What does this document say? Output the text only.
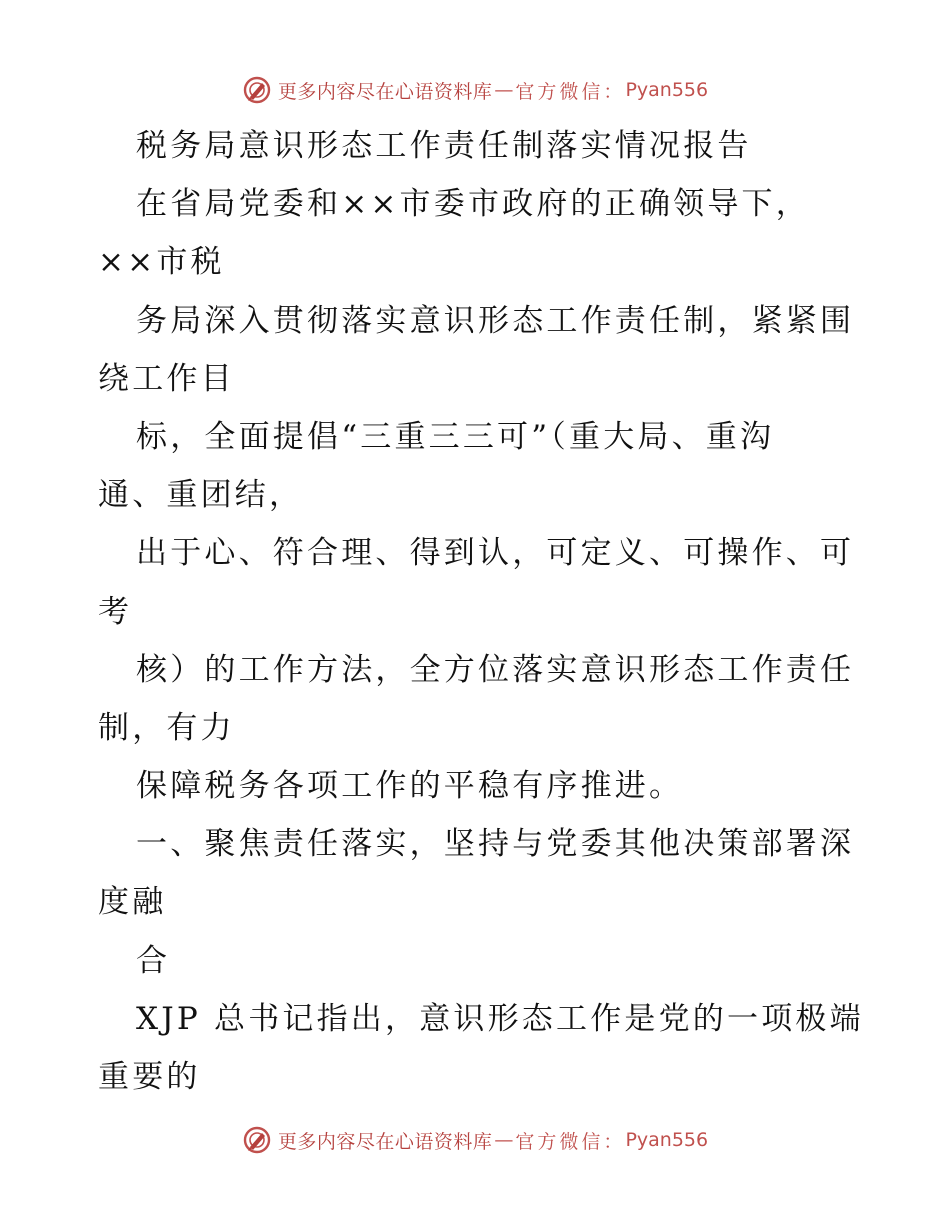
更多内容尽在心语资料库 — 官方微信： Pyan556
税务局意识形态工作责任制落实情况报告
在省局党委和××市委市政府的正确领导下，
××市税
务局深入贯彻落实意识形态工作责任制，紧紧围
绕工作目
标，全面提倡“三重三三可”（重大局、重沟
通、重团结，
出于心、符合理、得到认，可定义、可操作、可
考
核）的工作方法，全方位落实意识形态工作责任
制，有力
保障税务各项工作的平稳有序推进。
一、聚焦责任落实，坚持与党委其他决策部署深
度融
合
XJP 总书记指出，意识形态工作是党的一项极端
重要的
更多内容尽在心语资料库 — 官方微信： Pyan556
